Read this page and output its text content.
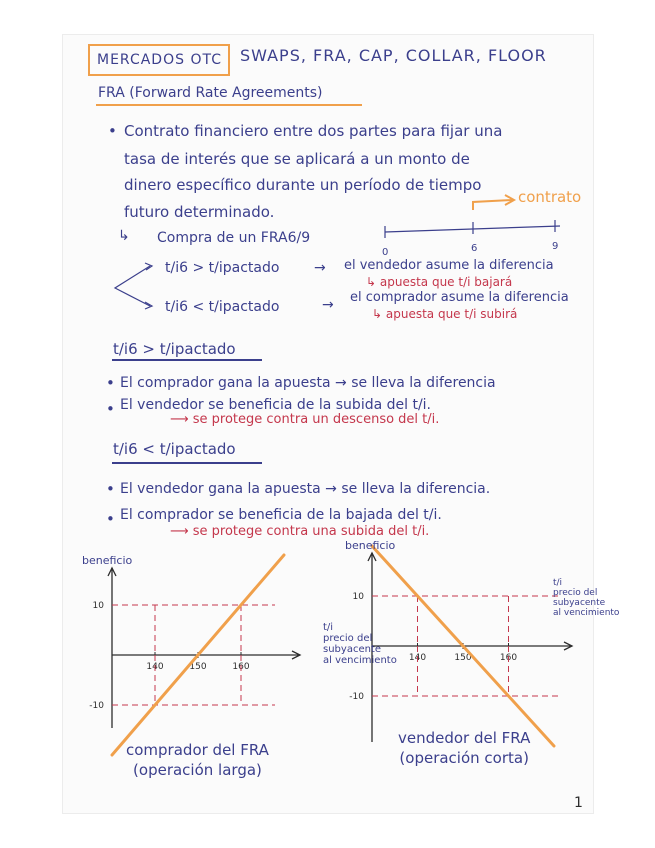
MERCADOS OTC SWAPS, FRA, CAP, COLLAR, FLOOR
FRA (Forward Rate Agreements)
• Contrato financiero entre dos partes para fijar una
tasa de interés que se aplicará a un monto de
dinero específico durante un período de tiempo
futuro determinado.
↳ Compra de un FRA6/9
contrato
0	6	9
t/i6 > t/ipactado → el vendedor asume la diferencia
↳ apuesta que t/i bajará
t/i6 < t/ipactado	→ el comprador asume la diferencia
↳ apuesta que t/i subirá
t/i6 > t/ipactado
• El comprador gana la apuesta → se lleva la diferencia
• El vendedor se beneficia de la subida del t/i.
⟶ se protege contra un descenso del t/i.
t/i6 < t/ipactado
• El vendedor gana la apuesta → se lleva la diferencia.
• El comprador se beneficia de la bajada del t/i.
⟶ se protege contra una subida del t/i.
10
-10
140	150	160
10
-10
140	150	160
beneficio
beneficio
t/i
precio del
subyacente
al vencimiento
t/i
precio del
subyacente
al vencimiento
comprador del FRA
(operación larga)
vendedor del FRA
(operación corta)
1
